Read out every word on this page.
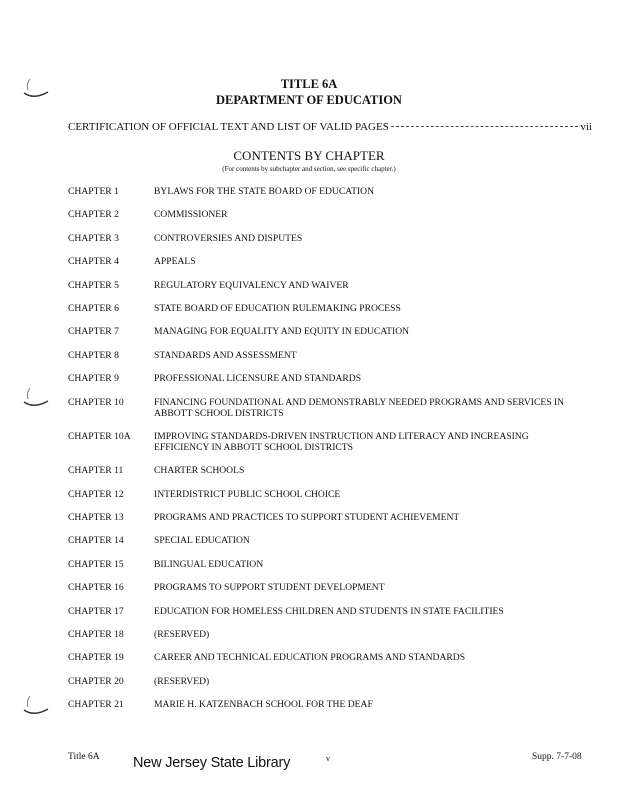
TITLE 6A
DEPARTMENT OF EDUCATION
CERTIFICATION OF OFFICIAL TEXT AND LIST OF VALID PAGES	vii
CONTENTS BY CHAPTER
(For contents by subchapter and section, see specific chapter.)
CHAPTER 1	BYLAWS FOR THE STATE BOARD OF EDUCATION
CHAPTER 2	COMMISSIONER
CHAPTER 3	CONTROVERSIES AND DISPUTES
CHAPTER 4	APPEALS
CHAPTER 5	REGULATORY EQUIVALENCY AND WAIVER
CHAPTER 6	STATE BOARD OF EDUCATION RULEMAKING PROCESS
CHAPTER 7	MANAGING FOR EQUALITY AND EQUITY IN EDUCATION
CHAPTER 8	STANDARDS AND ASSESSMENT
CHAPTER 9	PROFESSIONAL LICENSURE AND STANDARDS
CHAPTER 10	FINANCING FOUNDATIONAL AND DEMONSTRABLY NEEDED PROGRAMS AND SERVICES IN ABBOTT SCHOOL DISTRICTS
CHAPTER 10A	IMPROVING STANDARDS-DRIVEN INSTRUCTION AND LITERACY AND INCREASING EFFICIENCY IN ABBOTT SCHOOL DISTRICTS
CHAPTER 11	CHARTER SCHOOLS
CHAPTER 12	INTERDISTRICT PUBLIC SCHOOL CHOICE
CHAPTER 13	PROGRAMS AND PRACTICES TO SUPPORT STUDENT ACHIEVEMENT
CHAPTER 14	SPECIAL EDUCATION
CHAPTER 15	BILINGUAL EDUCATION
CHAPTER 16	PROGRAMS TO SUPPORT STUDENT DEVELOPMENT
CHAPTER 17	EDUCATION FOR HOMELESS CHILDREN AND STUDENTS IN STATE FACILITIES
CHAPTER 18	(RESERVED)
CHAPTER 19	CAREER AND TECHNICAL EDUCATION PROGRAMS AND STANDARDS
CHAPTER 20	(RESERVED)
CHAPTER 21	MARIE H. KATZENBACH SCHOOL FOR THE DEAF
Title 6A New Jersey State Library	v	Supp. 7-7-08
